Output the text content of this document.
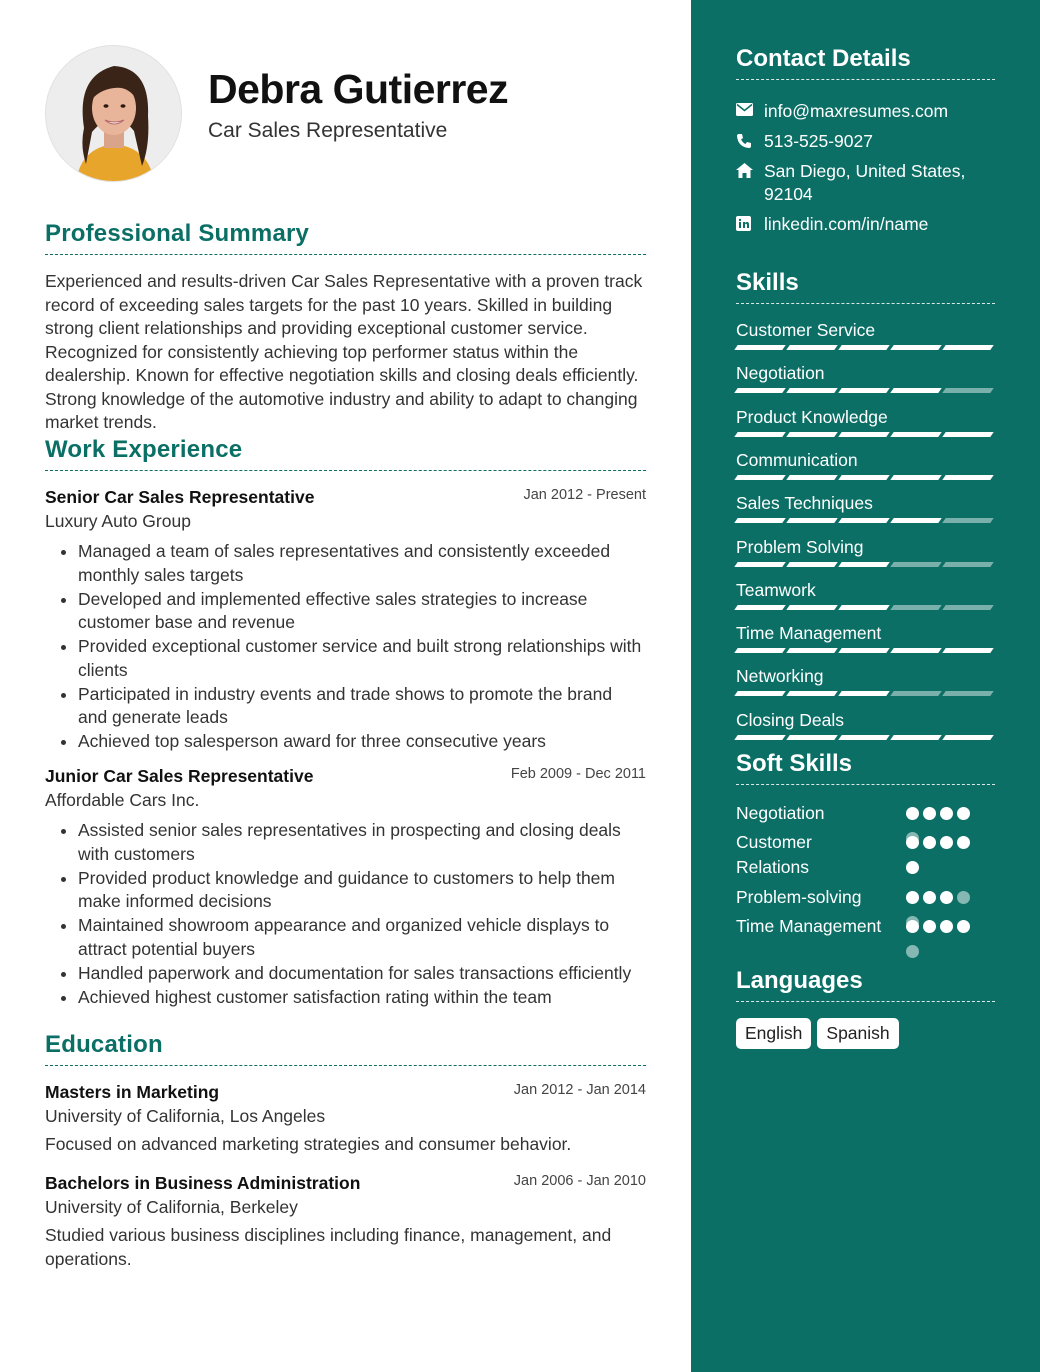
Debra Gutierrez
Car Sales Representative
Professional Summary
Experienced and results-driven Car Sales Representative with a proven track record of exceeding sales targets for the past 10 years. Skilled in building strong client relationships and providing exceptional customer service. Recognized for consistently achieving top performer status within the dealership. Known for effective negotiation skills and closing deals efficiently. Strong knowledge of the automotive industry and ability to adapt to changing market trends.
Work Experience
Senior Car Sales Representative	Jan 2012 - Present
Luxury Auto Group
• Managed a team of sales representatives and consistently exceeded monthly sales targets
• Developed and implemented effective sales strategies to increase customer base and revenue
• Provided exceptional customer service and built strong relationships with clients
• Participated in industry events and trade shows to promote the brand and generate leads
• Achieved top salesperson award for three consecutive years
Junior Car Sales Representative	Feb 2009 - Dec 2011
Affordable Cars Inc.
• Assisted senior sales representatives in prospecting and closing deals with customers
• Provided product knowledge and guidance to customers to help them make informed decisions
• Maintained showroom appearance and organized vehicle displays to attract potential buyers
• Handled paperwork and documentation for sales transactions efficiently
• Achieved highest customer satisfaction rating within the team
Education
Masters in Marketing	Jan 2012 - Jan 2014
University of California, Los Angeles
Focused on advanced marketing strategies and consumer behavior.
Bachelors in Business Administration	Jan 2006 - Jan 2010
University of California, Berkeley
Studied various business disciplines including finance, management, and operations.
Contact Details
info@maxresumes.com
513-525-9027
San Diego, United States, 92104
linkedin.com/in/name
Skills
Customer Service
Negotiation
Product Knowledge
Communication
Sales Techniques
Problem Solving
Teamwork
Time Management
Networking
Closing Deals
Soft Skills
Negotiation
Customer Relations
Problem-solving
Time Management
Languages
English	Spanish
